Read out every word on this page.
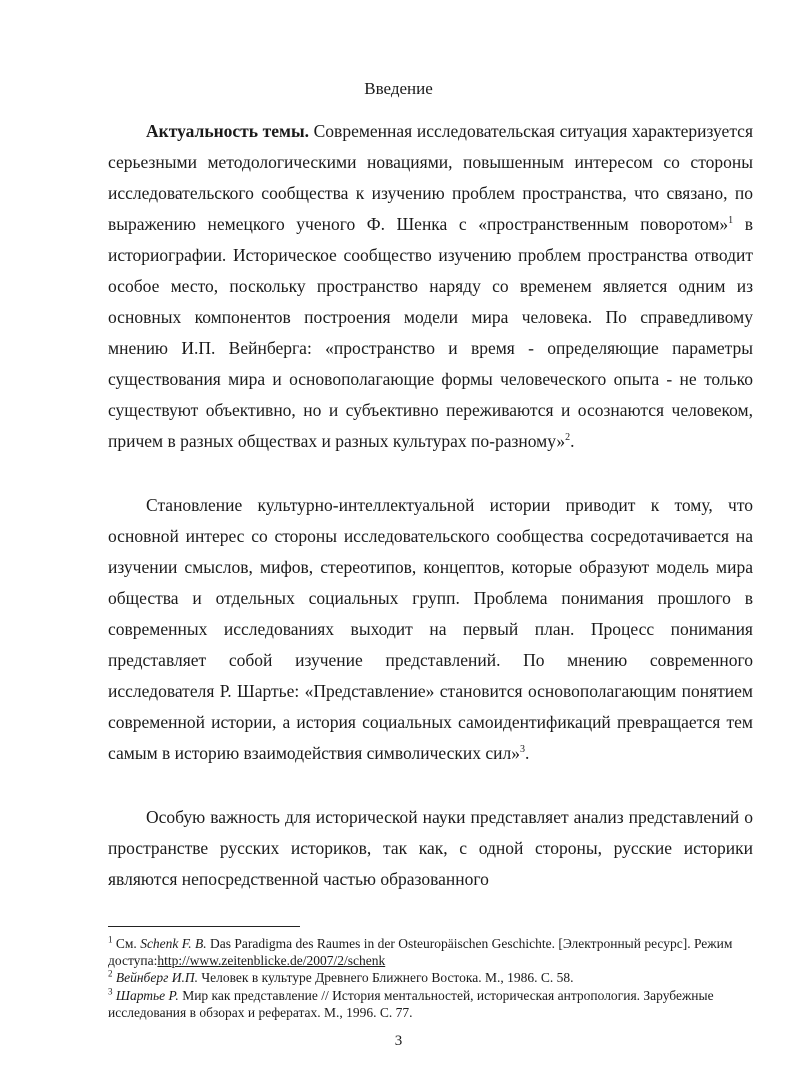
Введение

Актуальность темы. Современная исследовательская ситуация характеризуется серьезными методологическими новациями, повышенным интересом со стороны исследовательского сообщества к изучению проблем пространства, что связано, по выражению немецкого ученого Ф. Шенка с «пространственным поворотом»$^1$ в историографии. Историческое сообщество изучению проблем пространства отводит особое место, поскольку пространство наряду со временем является одним из основных компонентов построения модели мира человека. По справедливому мнению И.П. Вейнберга: «пространство и время - определяющие параметры существования мира и основополагающие формы человеческого опыта - не только существуют объективно, но и субъективно переживаются и осознаются человеком, причем в разных обществах и разных культурах по-разному»$^2$.

Становление культурно-интеллектуальной истории приводит к тому, что основной интерес со стороны исследовательского сообщества сосредотачивается на изучении смыслов, мифов, стереотипов, концептов, которые образуют модель мира общества и отдельных социальных групп. Проблема понимания прошлого в современных исследованиях выходит на первый план. Процесс понимания представляет собой изучение представлений. По мнению современного исследователя Р. Шартье: «Представление» становится основополагающим понятием современной истории, а история социальных самоидентификаций превращается тем самым в историю взаимодействия символических сил»$^3$.

Особую важность для исторической науки представляет анализ представлений о пространстве русских историков, так как, с одной стороны, русские историки являются непосредственной частью образованного

$^1$ См. Schenk F. B. Das Paradigma des Raumes in der Osteuropäischen Geschichte. [Электронный ресурс]. Режим доступа:http://www.zeitenblicke.de/2007/2/schenk

$^2$ Вейнберг И.П. Человек в культуре Древнего Ближнего Востока. М., 1986. С. 58.

$^3$ Шартье Р. Мир как представление // История ментальностей, историческая антропология. Зарубежные исследования в обзорах и рефератах. М., 1996. С. 77.

3
